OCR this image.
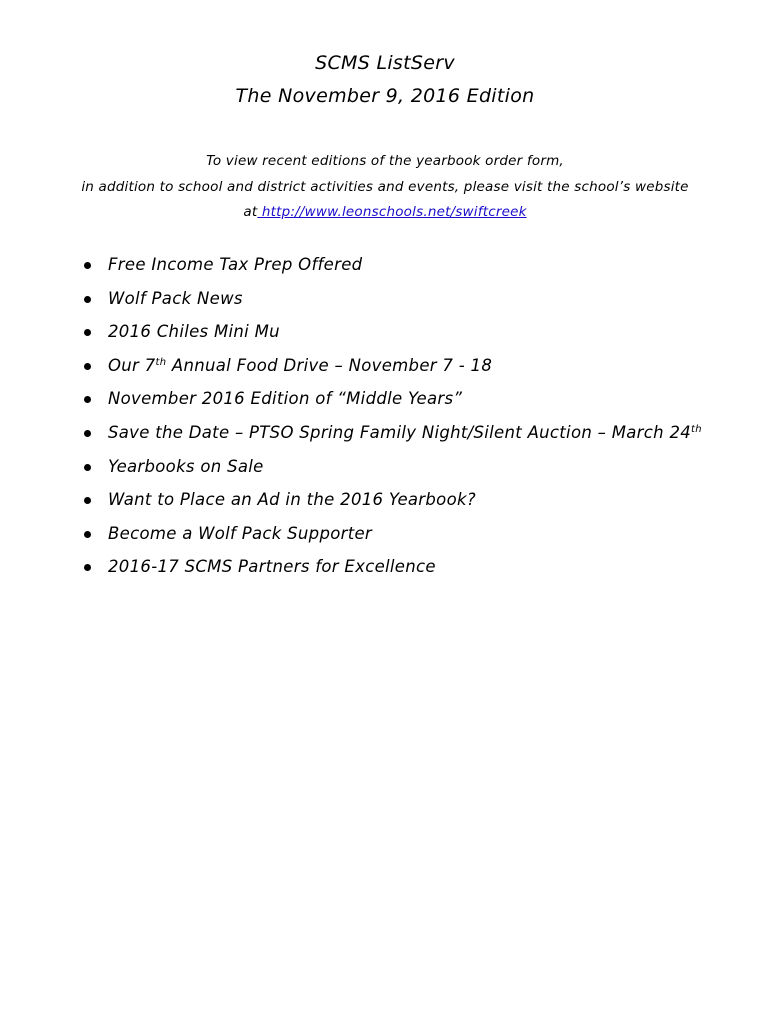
SCMS ListServ
The November 9, 2016 Edition
To view recent editions of the yearbook order form,
in addition to school and district activities and events, please visit the school’s website
at http://www.leonschools.net/swiftcreek
Free Income Tax Prep Offered
Wolf Pack News
2016 Chiles Mini Mu
Our 7th Annual Food Drive – November 7 - 18
November 2016 Edition of “Middle Years”
Save the Date – PTSO Spring Family Night/Silent Auction – March 24th
Yearbooks on Sale
Want to Place an Ad in the 2016 Yearbook?
Become a Wolf Pack Supporter
2016-17 SCMS Partners for Excellence
